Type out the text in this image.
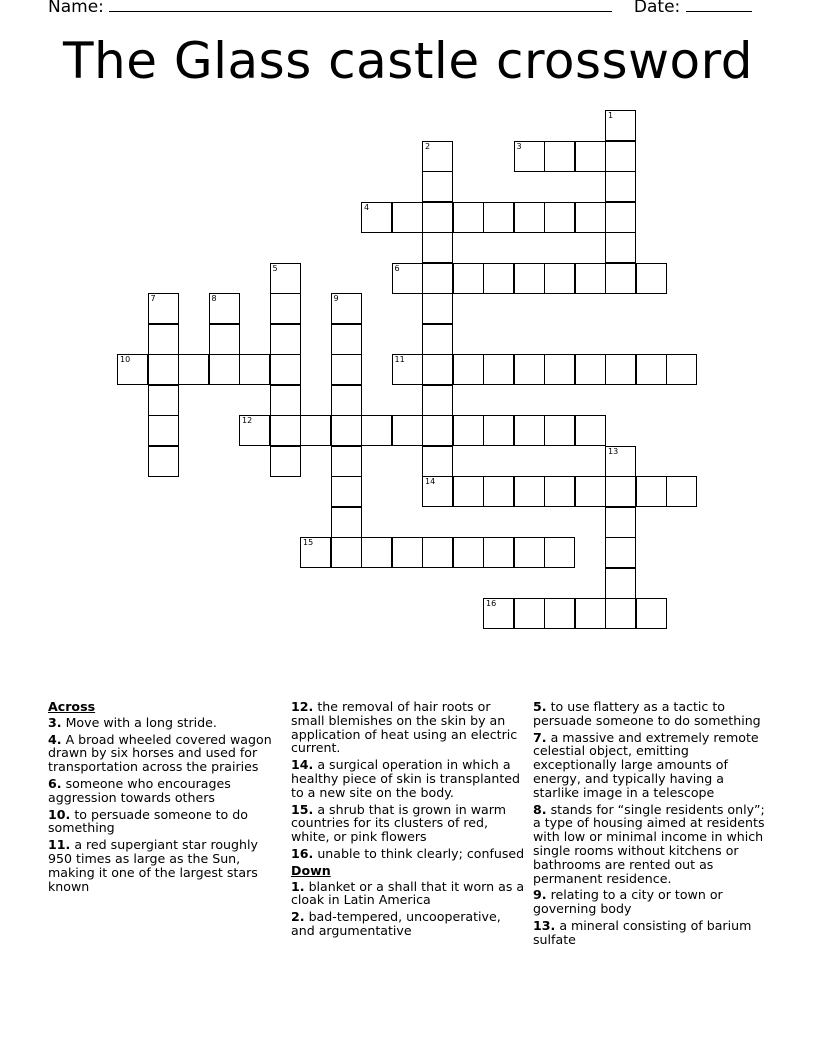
Name:	Date:
The Glass castle crossword
1
2	3
4
5	6
7	8	9
10	11
12
13
14
15
16
Across
3. Move with a long stride.
4. A broad wheeled covered wagon drawn by six horses and used for transportation across the prairies
6. someone who encourages aggression towards others
10. to persuade someone to do something
11. a red supergiant star roughly 950 times as large as the Sun, making it one of the largest stars known
12. the removal of hair roots or small blemishes on the skin by an application of heat using an electric current.
14. a surgical operation in which a healthy piece of skin is transplanted to a new site on the body.
15. a shrub that is grown in warm countries for its clusters of red, white, or pink flowers
16. unable to think clearly; confused
Down
1. blanket or a shall that it worn as a cloak in Latin America
2. bad-tempered, uncooperative, and argumentative
5. to use flattery as a tactic to persuade someone to do something
7. a massive and extremely remote celestial object, emitting exceptionally large amounts of energy, and typically having a starlike image in a telescope
8. stands for “single residents only”; a type of housing aimed at residents with low or minimal income in which single rooms without kitchens or bathrooms are rented out as permanent residence.
9. relating to a city or town or governing body
13. a mineral consisting of barium sulfate
